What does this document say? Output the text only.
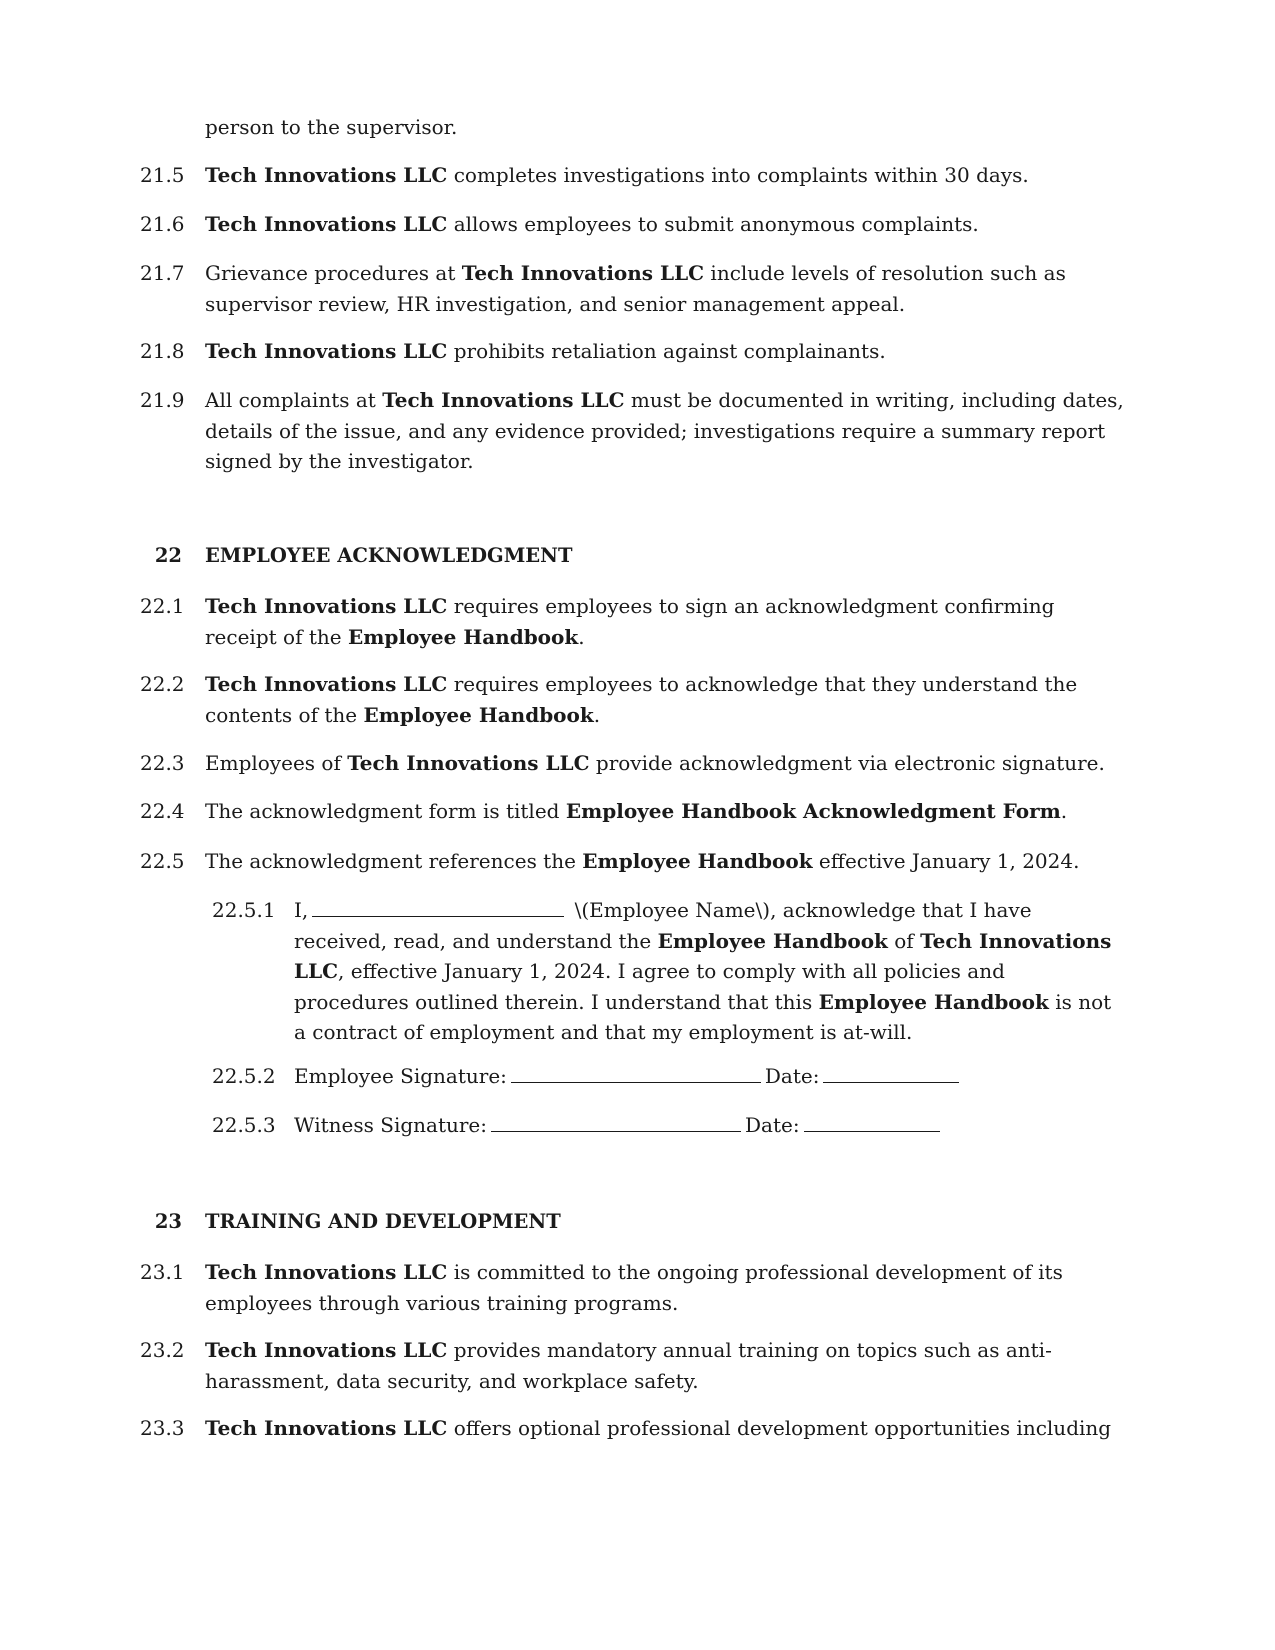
person to the supervisor.
21.5 Tech Innovations LLC completes investigations into complaints within 30 days.
21.6 Tech Innovations LLC allows employees to submit anonymous complaints.
21.7 Grievance procedures at Tech Innovations LLC include levels of resolution such as supervisor review, HR investigation, and senior management appeal.
21.8 Tech Innovations LLC prohibits retaliation against complainants.
21.9 All complaints at Tech Innovations LLC must be documented in writing, including dates, details of the issue, and any evidence provided; investigations require a summary report signed by the investigator.
22 EMPLOYEE ACKNOWLEDGMENT
22.1 Tech Innovations LLC requires employees to sign an acknowledgment confirming receipt of the Employee Handbook.
22.2 Tech Innovations LLC requires employees to acknowledge that they understand the contents of the Employee Handbook.
22.3 Employees of Tech Innovations LLC provide acknowledgment via electronic signature.
22.4 The acknowledgment form is titled Employee Handbook Acknowledgment Form.
22.5 The acknowledgment references the Employee Handbook effective January 1, 2024.
22.5.1 I,	\(Employee Name\), acknowledge that I have received, read, and understand the Employee Handbook of Tech Innovations LLC, effective January 1, 2024. I agree to comply with all policies and procedures outlined therein. I understand that this Employee Handbook is not a contract of employment and that my employment is at-will.
22.5.2 Employee Signature:	Date:
22.5.3 Witness Signature:	Date:
23 TRAINING AND DEVELOPMENT
23.1 Tech Innovations LLC is committed to the ongoing professional development of its employees through various training programs.
23.2 Tech Innovations LLC provides mandatory annual training on topics such as anti-harassment, data security, and workplace safety.
23.3 Tech Innovations LLC offers optional professional development opportunities including
